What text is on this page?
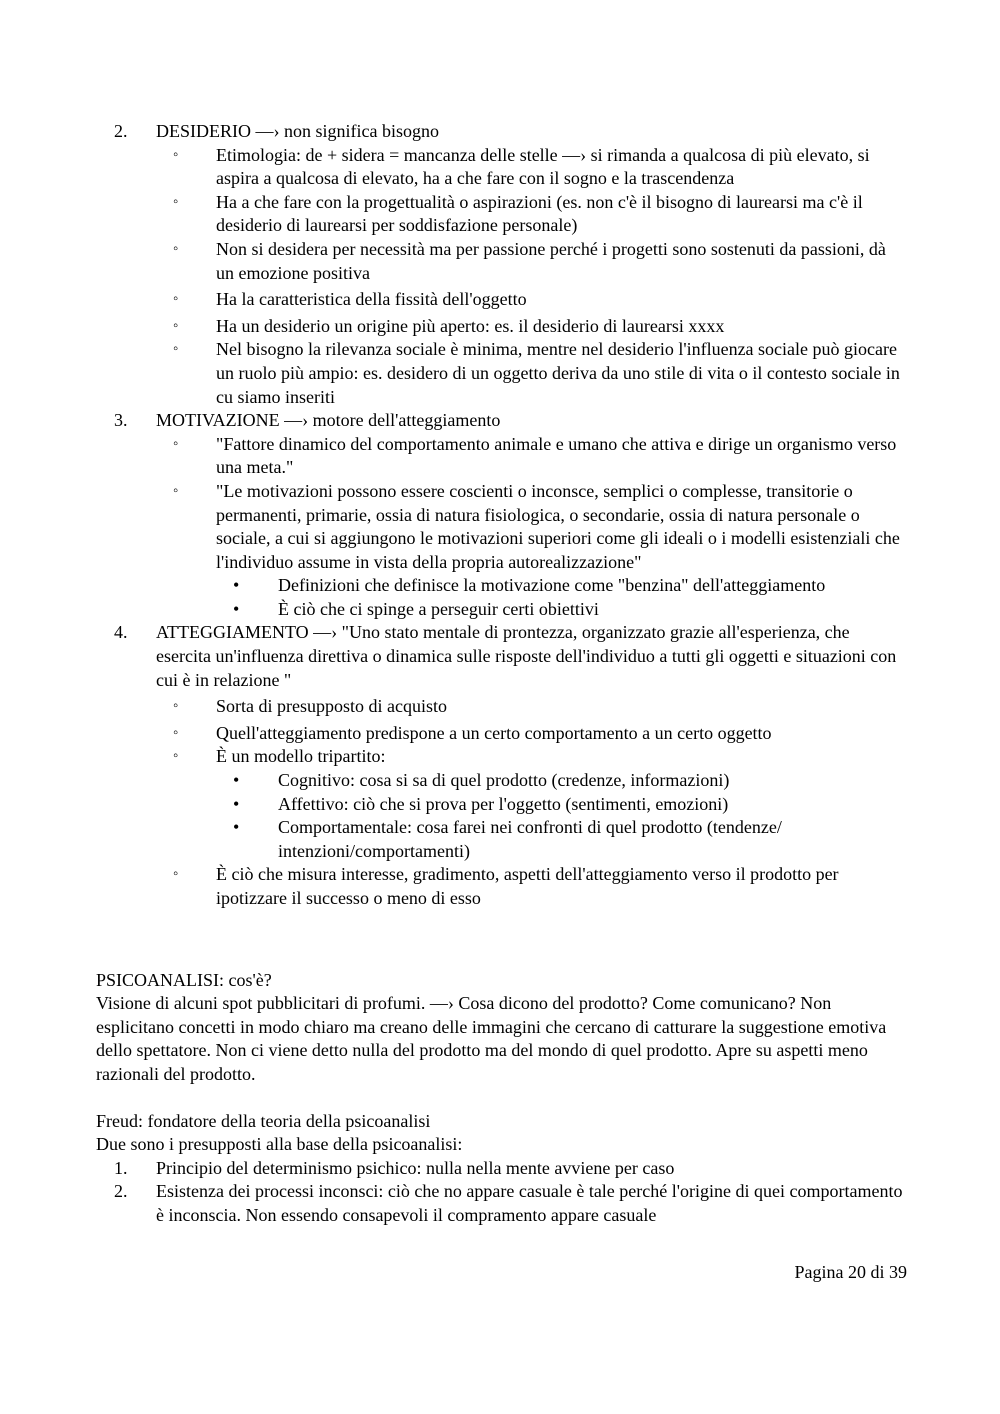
2. DESIDERIO —› non significa bisogno
◦ Etimologia: de + sidera = mancanza delle stelle —› si rimanda a qualcosa di più elevato, si aspira a qualcosa di elevato, ha a che fare con il sogno e la trascendenza
◦ Ha a che fare con la progettualità o aspirazioni (es. non c'è il bisogno di laurearsi ma c'è il desiderio di laurearsi per soddisfazione personale)
◦ Non si desidera per necessità ma per passione perché i progetti sono sostenuti da passioni, dà un emozione positiva
◦ Ha la caratteristica della fissità dell'oggetto
◦ Ha un desiderio un origine più aperto: es. il desiderio di laurearsi xxxx
◦ Nel bisogno la rilevanza sociale è minima, mentre nel desiderio l'influenza sociale può giocare un ruolo più ampio: es. desidero di un oggetto deriva da uno stile di vita o il contesto sociale in cu siamo inseriti
3. MOTIVAZIONE —› motore dell'atteggiamento
◦ "Fattore dinamico del comportamento animale e umano che attiva e dirige un organismo verso una meta."
◦ "Le motivazioni possono essere coscienti o inconsce, semplici o complesse, transitorie o permanenti, primarie, ossia di natura fisiologica, o secondarie, ossia di natura personale o sociale, a cui si aggiungono le motivazioni superiori come gli ideali o i modelli esistenziali che l'individuo assume in vista della propria autorealizzazione"
•	Definizioni che definisce la motivazione come "benzina" dell'atteggiamento
•	È ciò che ci spinge a perseguir certi obiettivi
4. ATTEGGIAMENTO —› "Uno stato mentale di prontezza, organizzato grazie all'esperienza, che esercita un'influenza direttiva o dinamica sulle risposte dell'individuo a tutti gli oggetti e situazioni con cui è in relazione "
◦ Sorta di presupposto di acquisto
◦ Quell'atteggiamento predispone a un certo comportamento a un certo oggetto
◦ È un modello tripartito:
•	Cognitivo: cosa si sa di quel prodotto (credenze, informazioni)
•	Affettivo: ciò che si prova per l'oggetto (sentimenti, emozioni)
•	Comportamentale: cosa farei nei confronti di quel prodotto (tendenze/ intenzioni/comportamenti)
◦ È ciò che misura interesse, gradimento, aspetti dell'atteggiamento verso il prodotto per ipotizzare il successo o meno di esso

PSICOANALISI: cos'è?

Visione di alcuni spot pubblicitari di profumi. —› Cosa dicono del prodotto? Come comunicano? Non esplicitano concetti in modo chiaro ma creano delle immagini che cercano di catturare la suggestione emotiva dello spettatore. Non ci viene detto nulla del prodotto ma del mondo di quel prodotto. Apre su aspetti meno razionali del prodotto.

Freud: fondatore della teoria della psicoanalisi

Due sono i presupposti alla base della psicoanalisi:

1. Principio del determinismo psichico: nulla nella mente avviene per caso
2. Esistenza dei processi inconsci: ciò che no appare casuale è tale perché l'origine di quei comportamento è inconscia. Non essendo consapevoli il compramento appare casuale
Pagina 20 di 39
